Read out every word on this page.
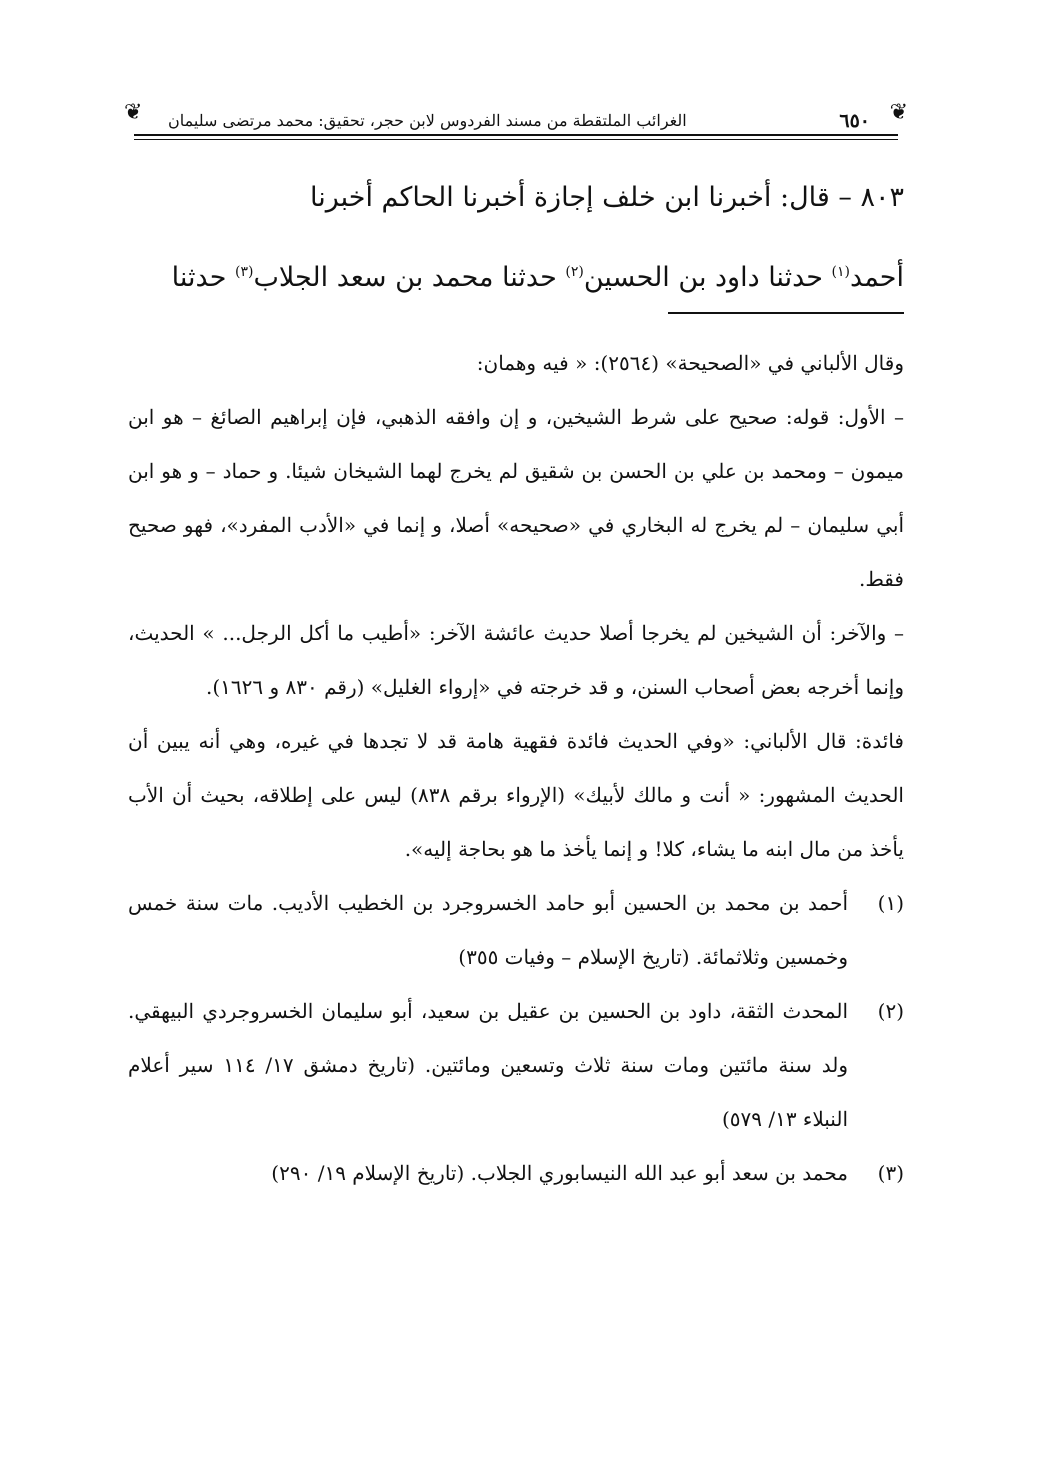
❦
٦٥٠
الغرائب الملتقطة من مسند الفردوس لابن حجر، تحقيق: محمد مرتضى سليمان
❦

٨٠٣ – قال: أخبرنا ابن خلف إجازة أخبرنا الحاكم أخبرنا

أحمد$^{(١)}$ حدثنا داود بن الحسين$^{(٢)}$ حدثنا محمد بن سعد الجلاب$^{(٣)}$ حدثنا

وقال الألباني في «الصحيحة» (٢٥٦٤): « فيه وهمان:

– الأول: قوله: صحيح على شرط الشيخين، و إن وافقه الذهبي، فإن إبراهيم الصائغ – هو ابن ميمون – ومحمد بن علي بن الحسن بن شقيق لم يخرج لهما الشيخان شيئا. و حماد – و هو ابن أبي سليمان – لم يخرج له البخاري في «صحيحه» أصلا، و إنما في «الأدب المفرد»، فهو صحيح فقط.

– والآخر: أن الشيخين لم يخرجا أصلا حديث عائشة الآخر: «أطيب ما أكل الرجل... » الحديث، وإنما أخرجه بعض أصحاب السنن، و قد خرجته في «إرواء الغليل» (رقم ٨٣٠ و ١٦٢٦).

فائدة: قال الألباني: «وفي الحديث فائدة فقهية هامة قد لا تجدها في غيره، وهي أنه يبين أن الحديث المشهور: « أنت و مالك لأبيك» (الإرواء برقم ٨٣٨) ليس على إطلاقه، بحيث أن الأب يأخذ من مال ابنه ما يشاء، كلا! و إنما يأخذ ما هو بحاجة إليه».

(١)
أحمد بن محمد بن الحسين أبو حامد الخسروجرد بن الخطيب الأديب. مات سنة خمس وخمسين وثلاثمائة. (تاريخ الإسلام – وفيات ٣٥٥)
(٢)
المحدث الثقة، داود بن الحسين بن عقيل بن سعيد، أبو سليمان الخسروجردي البيهقي. ولد سنة مائتين ومات سنة ثلاث وتسعين ومائتين. (تاريخ دمشق ١٧/ ١١٤ سير أعلام النبلاء ١٣/ ٥٧٩)
(٣)
محمد بن سعد أبو عبد الله النيسابوري الجلاب. (تاريخ الإسلام ١٩/ ٢٩٠)
